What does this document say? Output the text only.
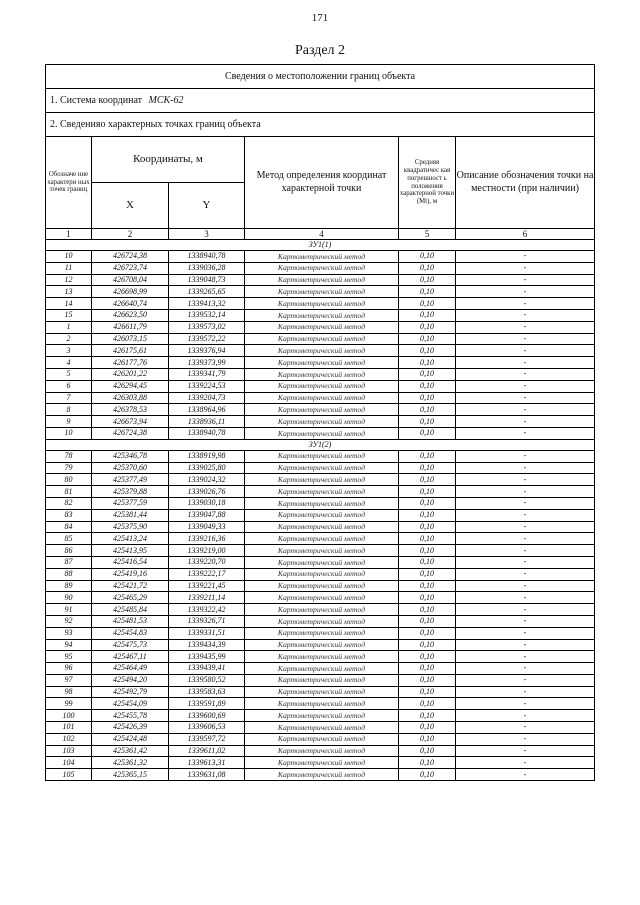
171
Раздел 2
Сведения о местоположении границ объекта					
1. Система координат МСК-62					
2. Сведенияо характерных точках границ объекта					
Обозначе ние характери ных точек границ	Координаты, м		Метод определения координат характерной точки	Средняя квадратичес кая погрешност ь положения характерной точки (Mt), м	Описание обозначения точки на местности (при наличии)
	X	Y			
1	2	3	4	5	6
ЗУ1(1)					
10	426724,38	1338940,78	Картометрический метод	0,10	-
11	426723,74	1339036,28	Картометрический метод	0,10	-
12	426708,04	1339048,73	Картометрический метод	0,10	-
13	426698,99	1339265,65	Картометрический метод	0,10	-
14	426640,74	1339413,32	Картометрический метод	0,10	-
15	426623,50	1339532,14	Картометрический метод	0,10	-
1	426611,79	1339573,02	Картометрический метод	0,10	-
2	426073,15	1339572,22	Картометрический метод	0,10	-
3	426175,61	1339376,94	Картометрический метод	0,10	-
4	426177,76	1339373,99	Картометрический метод	0,10	-
5	426201,22	1339341,79	Картометрический метод	0,10	-
6	426294,45	1339224,53	Картометрический метод	0,10	-
7	426303,88	1339204,73	Картометрический метод	0,10	-
8	426378,53	1338964,96	Картометрический метод	0,10	-
9	426673,94	1338936,11	Картометрический метод	0,10	-
10	426724,38	1338940,78	Картометрический метод	0,10	-
ЗУ1(2)					
78	425346,78	1338919,98	Картометрический метод	0,10	-
79	425370,60	1339025,80	Картометрический метод	0,10	-
80	425377,49	1339024,32	Картометрический метод	0,10	-
81	425379,88	1339026,76	Картометрический метод	0,10	-
82	425377,59	1339030,18	Картометрический метод	0,10	-
83	425381,44	1339047,88	Картометрический метод	0,10	-
84	425375,90	1339049,33	Картометрический метод	0,10	-
85	425413,24	1339216,36	Картометрический метод	0,10	-
86	425413,95	1339219,00	Картометрический метод	0,10	-
87	425416,54	1339220,70	Картометрический метод	0,10	-
88	425419,16	1339222,17	Картометрический метод	0,10	-
89	425421,72	1339221,45	Картометрический метод	0,10	-
90	425465,29	1339211,14	Картометрический метод	0,10	-
91	425485,84	1339322,42	Картометрический метод	0,10	-
92	425481,53	1339326,71	Картометрический метод	0,10	-
93	425454,83	1339331,51	Картометрический метод	0,10	-
94	425475,73	1339434,39	Картометрический метод	0,10	-
95	425467,11	1339435,99	Картометрический метод	0,10	-
96	425464,49	1339439,41	Картометрический метод	0,10	-
97	425494,20	1339580,52	Картометрический метод	0,10	-
98	425492,79	1339583,63	Картометрический метод	0,10	-
99	425454,09	1339591,89	Картометрический метод	0,10	-
100	425455,78	1339600,69	Картометрический метод	0,10	-
101	425426,39	1339606,53	Картометрический метод	0,10	-
102	425424,48	1339597,72	Картометрический метод	0,10	-
103	425361,42	1339611,02	Картометрический метод	0,10	-
104	425361,32	1339613,31	Картометрический метод	0,10	-
105	425365,15	1339631,08	Картометрический метод	0,10	-
